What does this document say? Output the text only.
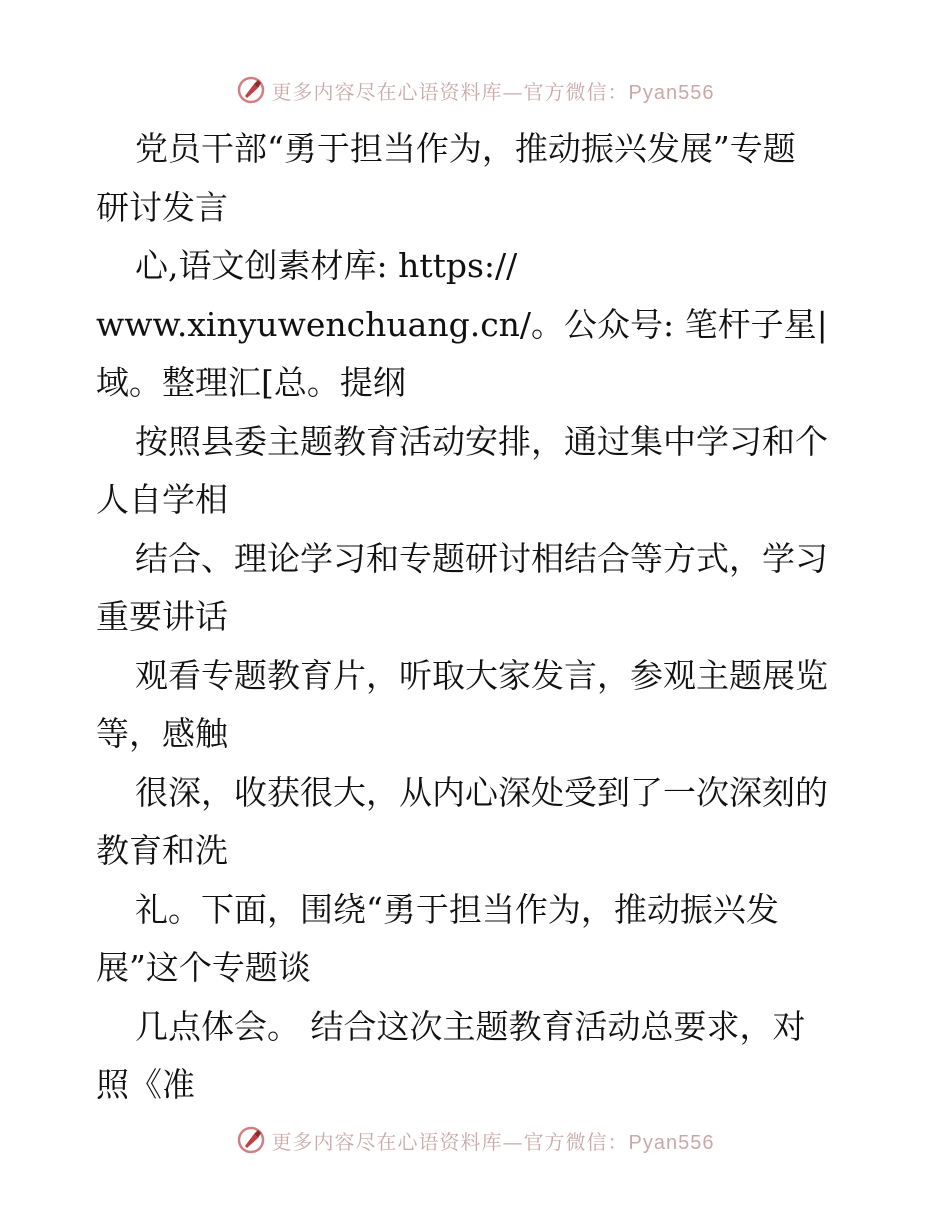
更多内容尽在心语资料库—官方微信：Pyan556
党员干部“勇于担当作为，推动振兴发展”专题
研讨发言
心,语文创素材库: https://
www.xinyuwenchuang.cn/。公众号: 笔杆子星|
域。整理汇[总。提纲
按照县委主题教育活动安排，通过集中学习和个
人自学相
结合、理论学习和专题研讨相结合等方式，学习
重要讲话
观看专题教育片，听取大家发言，参观主题展览
等，感触
很深，收获很大，从内心深处受到了一次深刻的
教育和洗
礼。下面，围绕“勇于担当作为，推动振兴发
展”这个专题谈
几点体会。 结合这次主题教育活动总要求，对
照《准
更多内容尽在心语资料库—官方微信：Pyan556
